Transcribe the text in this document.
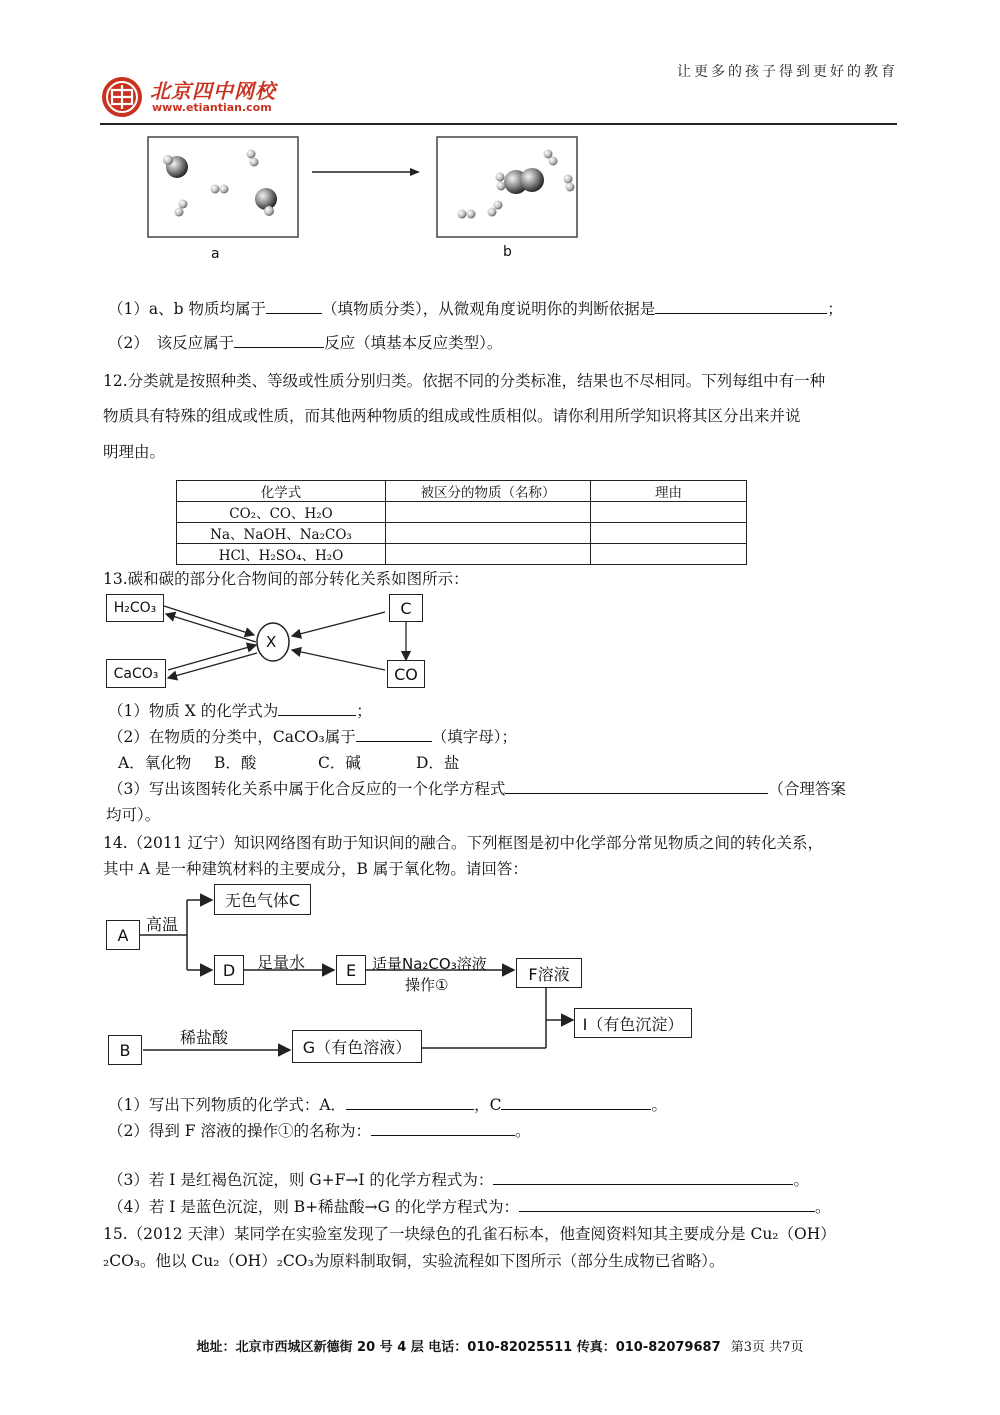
北京四中网校
www.etiantian.com
让更多的孩子得到更好的教育
a	b
（1）a、b 物质均属于	（填物质分类），从微观角度说明你的判断依据是	；
（2）　该反应属于	反应（填基本反应类型）。
12.分类就是按照种类、等级或性质分别归类。依据不同的分类标准，结果也不尽相同。下列每组中有一种
物质具有特殊的组成或性质，而其他两种物质的组成或性质相似。请你利用所学知识将其区分出来并说
明理由。
化学式	被区分的物质（名称）	理由
CO₂、CO、H₂O		
Na、NaOH、Na₂CO₃		
HCl、H₂SO₄、H₂O		
13.碳和碳的部分化合物间的部分转化关系如图所示：
H₂CO₃
CaCO₃
X
C
CO
（1）物质 X 的化学式为	；
（2）在物质的分类中，CaCO₃属于	（填字母）；
A．氧化物 B．酸	C．碱	D．盐
（3）写出该图转化关系中属于化合反应的一个化学方程式	（合理答案
均可）。
14.（2011 辽宁）知识网络图有助于知识间的融合。下列框图是初中化学部分常见物质之间的转化关系，
其中 A 是一种建筑材料的主要成分，B 属于氧化物。请回答：
A
无色气体C
D	E	F溶液
I（有色沉淀）
B	G（有色溶液）
高温
足量水	适量Na₂CO₃溶液
操作①
稀盐酸
（1）写出下列物质的化学式：A．	，C	。
（2）得到 F 溶液的操作①的名称为：	。
（3）若 I 是红褐色沉淀，则 G+F→I 的化学方程式为：	。
（4）若 I 是蓝色沉淀，则 B+稀盐酸→G 的化学方程式为：	。
15.（2012 天津）某同学在实验室发现了一块绿色的孔雀石标本，他查阅资料知其主要成分是 Cu₂（OH）
₂CO₃。他以 Cu₂（OH）₂CO₃为原料制取铜，实验流程如下图所示（部分生成物已省略）。
地址：北京市西城区新德街 20 号 4 层 电话：010-82025511 传真：010-82079687 第3页 共7页
